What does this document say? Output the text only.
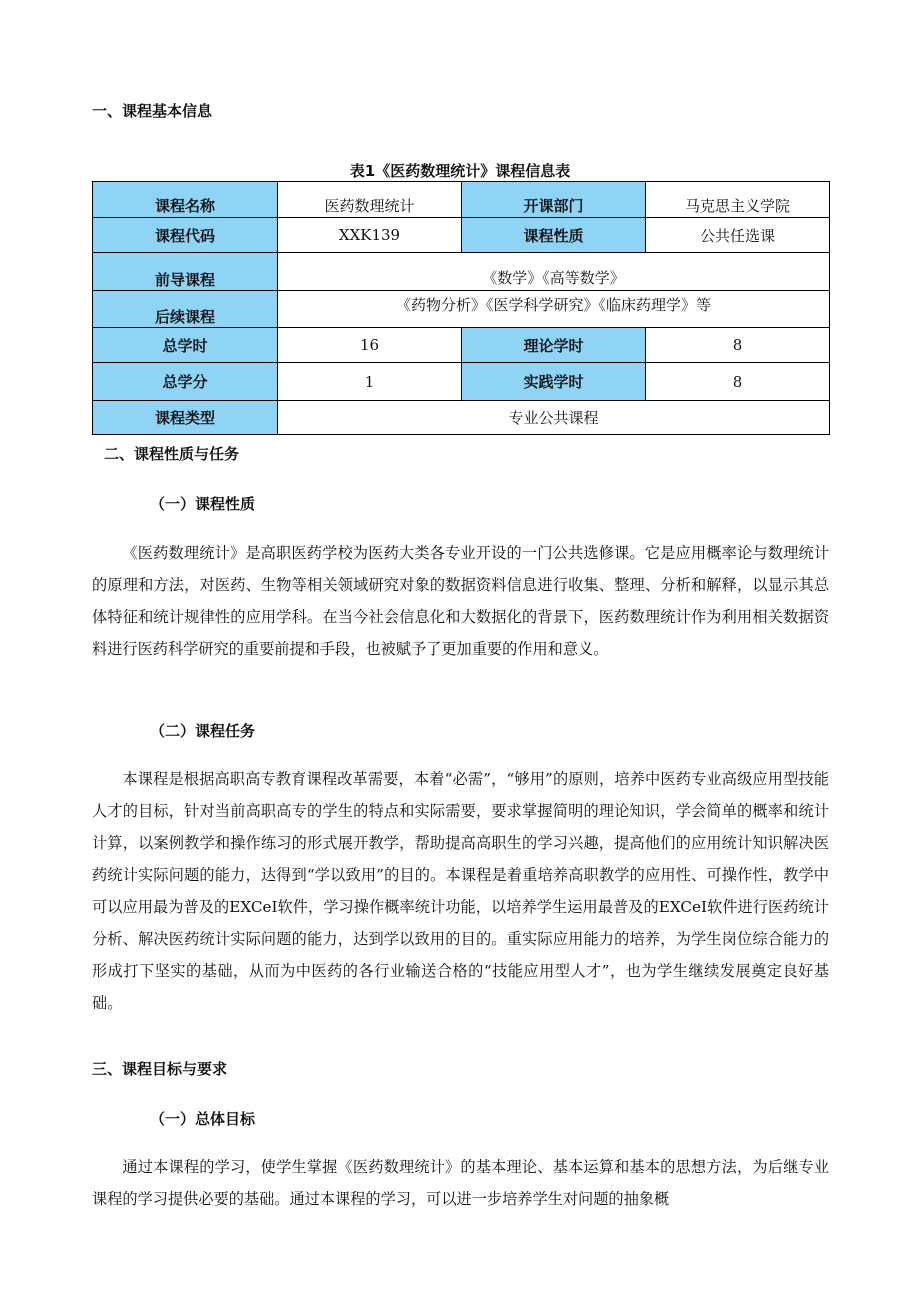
一、课程基本信息
表1《医药数理统计》课程信息表
课程名称	医药数理统计	开课部门	马克思主义学院
课程代码	XXK139	课程性质	公共任选课
前导课程	《数学》《高等数学》		
后续课程	《药物分析》《医学科学研究》《临床药理学》等		
总学时	16	理论学时	8
总学分	1	实践学时	8
课程类型	专业公共课程		
二、课程性质与任务
（一）课程性质

《医药数理统计》是高职医药学校为医药大类各专业开设的一门公共选修课。它是应用概率论与数理统计的原理和方法，对医药、生物等相关领域研究对象的数据资料信息进行收集、整理、分析和解释，以显示其总体特征和统计规律性的应用学科。在当今社会信息化和大数据化的背景下，医药数理统计作为利用相关数据资料进行医药科学研究的重要前提和手段，也被赋予了更加重要的作用和意义。

（二）课程任务

本课程是根据高职高专教育课程改革需要，本着“必需”，“够用”的原则，培养中医药专业高级应用型技能人才的目标，针对当前高职高专的学生的特点和实际需要，要求掌握简明的理论知识，学会简单的概率和统计计算，以案例教学和操作练习的形式展开教学，帮助提高高职生的学习兴趣，提高他们的应用统计知识解决医药统计实际问题的能力，达得到“学以致用”的目的。本课程是着重培养高职教学的应用性、可操作性，教学中可以应用最为普及的EXCeI软件，学习操作概率统计功能，以培养学生运用最普及的EXCeI软件进行医药统计分析、解决医药统计实际问题的能力，达到学以致用的目的。重实际应用能力的培养，为学生岗位综合能力的形成打下坚实的基础，从而为中医药的各行业输送合格的“技能应用型人才”，也为学生继续发展奠定良好基础。

三、课程目标与要求
（一）总体目标

通过本课程的学习，使学生掌握《医药数理统计》的基本理论、基本运算和基本的思想方法，为后继专业课程的学习提供必要的基础。通过本课程的学习，可以进一步培养学生对问题的抽象概
